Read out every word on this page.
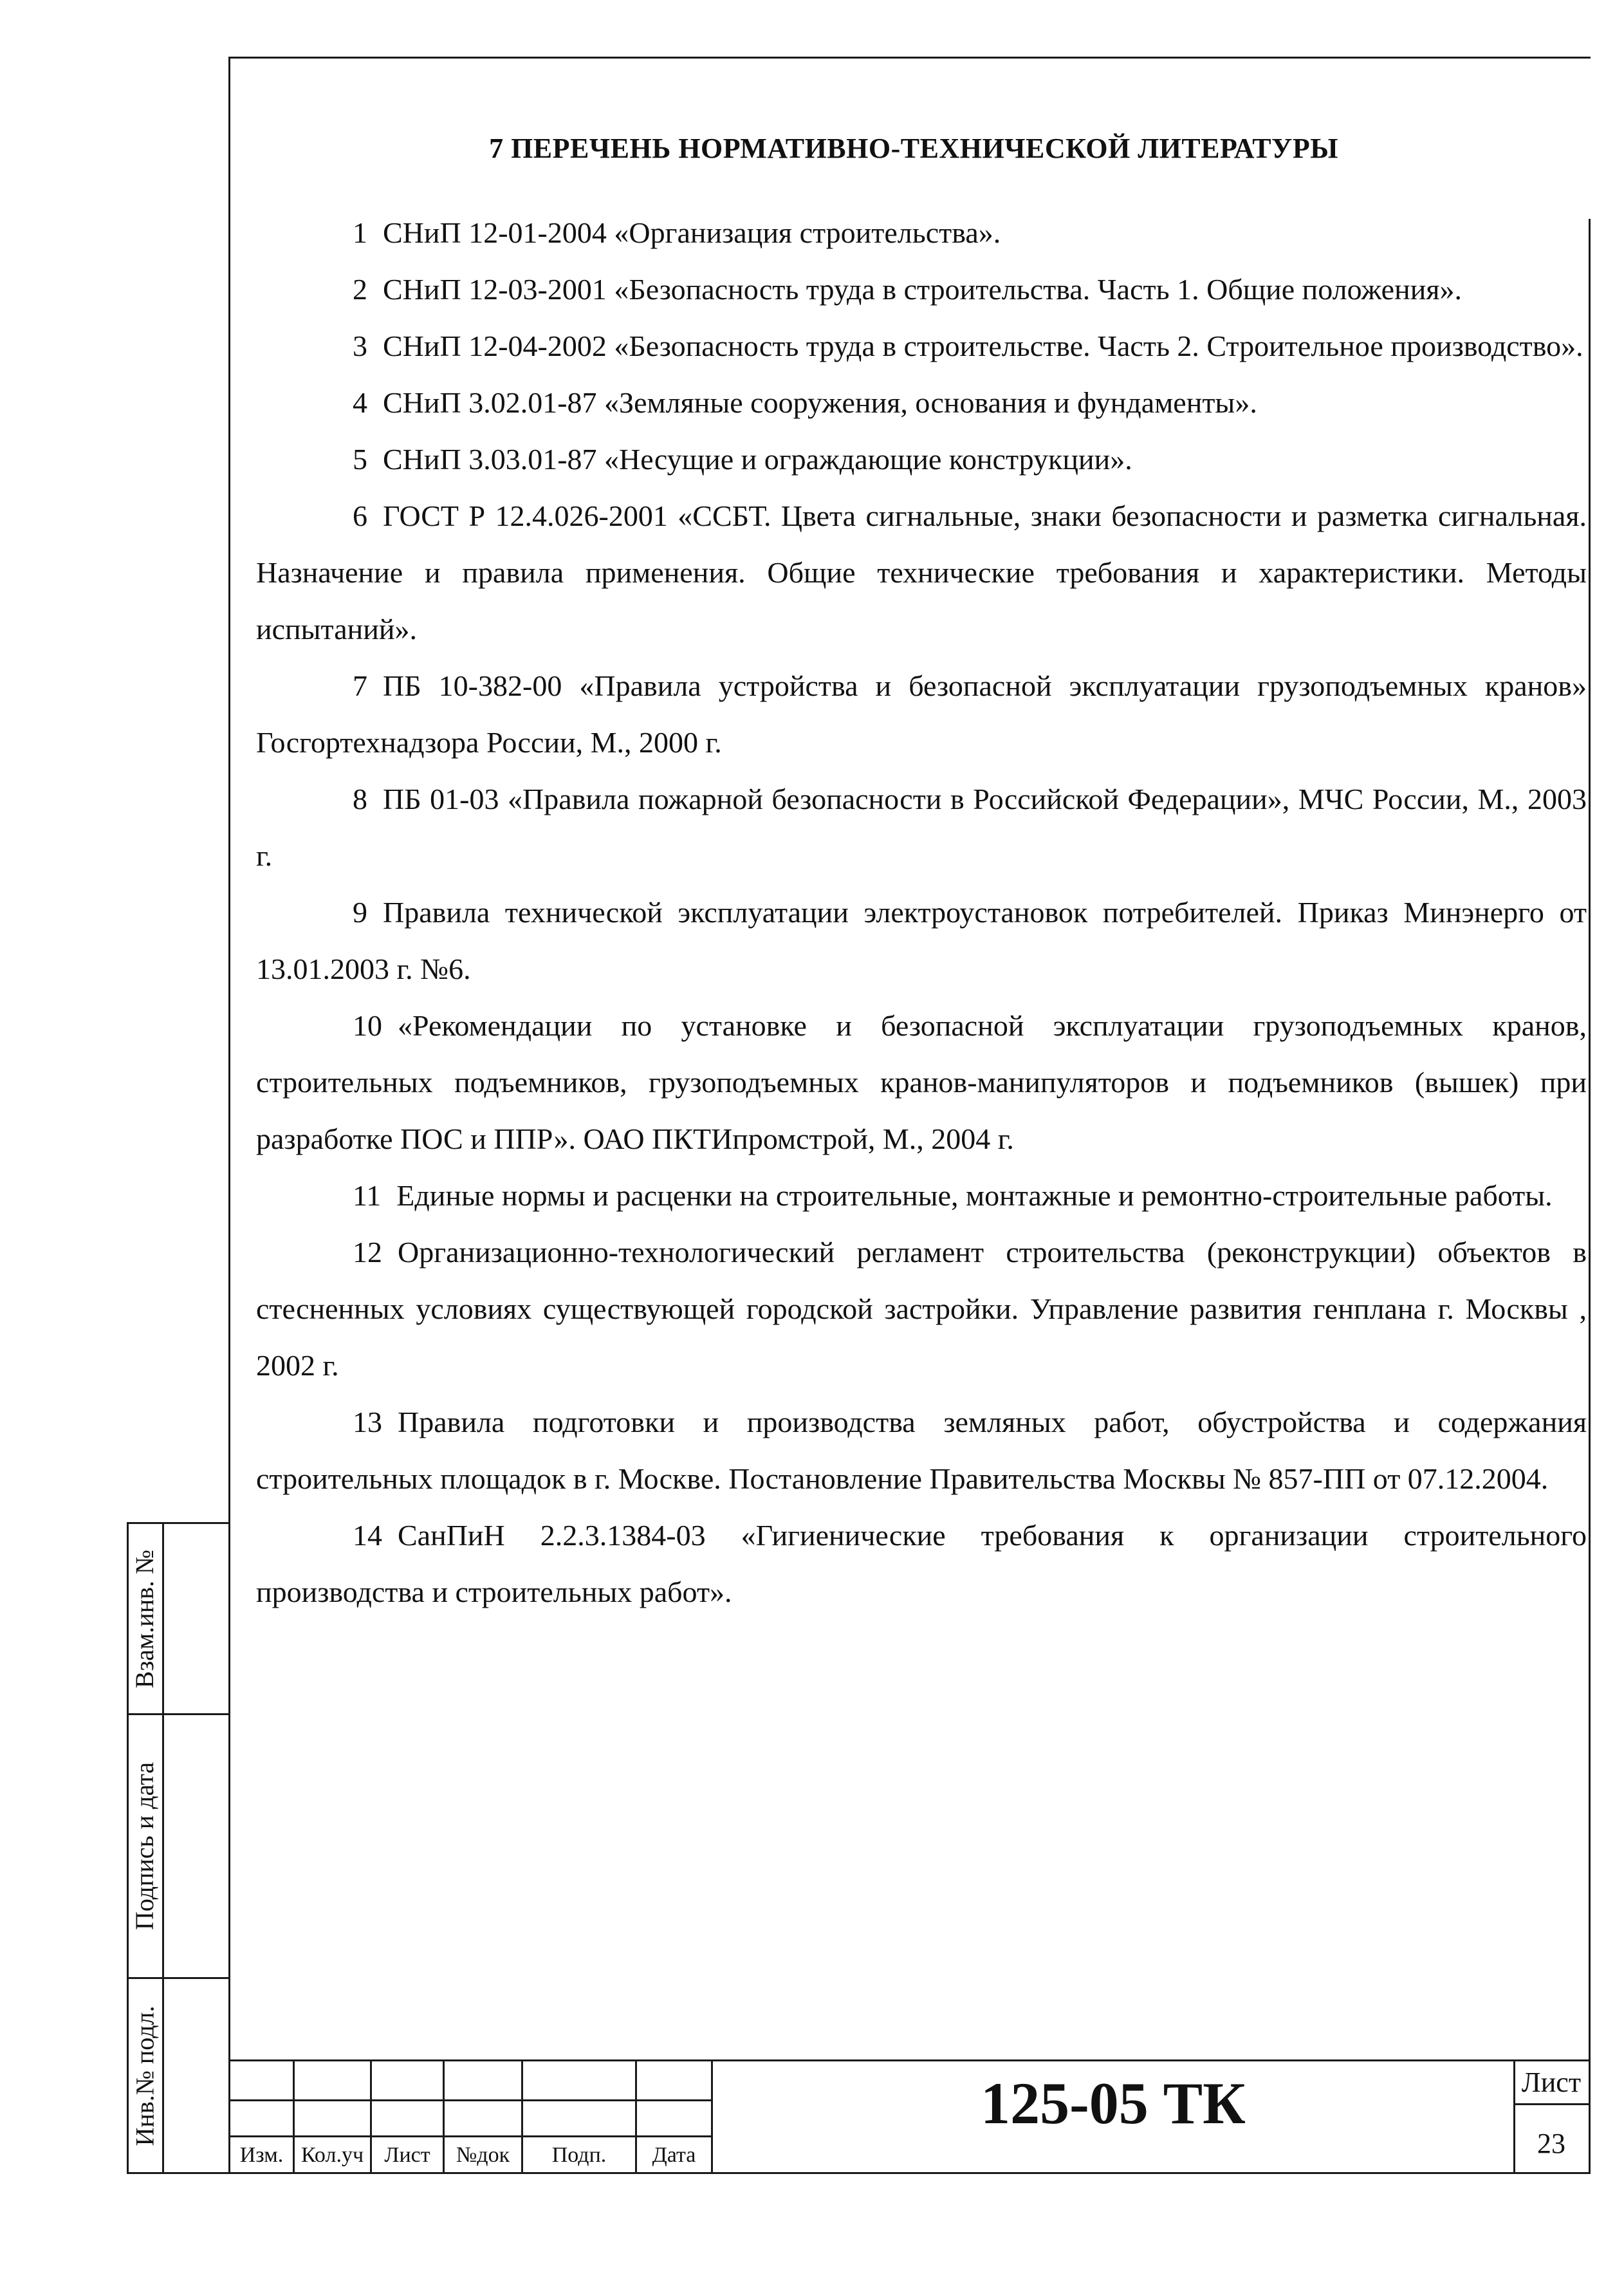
Взам.инв. №
Подпись и дата
Инв.№ подл.
7 ПЕРЕЧЕНЬ НОРМАТИВНО-ТЕХНИЧЕСКОЙ ЛИТЕРАТУРЫ

1 СНиП 12-01-2004 «Организация строительства».

2 СНиП 12-03-2001 «Безопасность труда в строительства. Часть 1. Общие положения».

3 СНиП 12-04-2002 «Безопасность труда в строительстве. Часть 2. Строительное производство».

4 СНиП 3.02.01-87 «Земляные сооружения, основания и фундаменты».

5 СНиП 3.03.01-87 «Несущие и ограждающие конструкции».

6 ГОСТ Р 12.4.026-2001 «ССБТ. Цвета сигнальные, знаки безопасности и разметка сигнальная. Назначение и правила применения. Общие технические требования и характеристики. Методы испытаний».

7 ПБ 10-382-00 «Правила устройства и безопасной эксплуатации грузоподъемных кранов» Госгортехнадзора России, М., 2000 г.

8 ПБ 01-03 «Правила пожарной безопасности в Российской Федерации», МЧС России, М., 2003 г.

9 Правила технической эксплуатации электроустановок потребителей. Приказ Минэнерго от 13.01.2003 г. №6.

10 «Рекомендации по установке и безопасной эксплуатации грузоподъемных кранов, строительных подъемников, грузоподъемных кранов-манипуляторов и подъемников (вышек) при разработке ПОС и ППР». ОАО ПКТИпромстрой, М., 2004 г.

11 Единые нормы и расценки на строительные, монтажные и ремонтно-строительные работы.

12 Организационно-технологический регламент строительства (реконструкции) объектов в стесненных условиях существующей городской застройки. Управление развития генплана г. Москвы , 2002 г.

13 Правила подготовки и производства земляных работ, обустройства и содержания строительных площадок в г. Москве. Постановление Правительства Москвы № 857-ПП от 07.12.2004.

14 СанПиН 2.2.3.1384-03 «Гигиенические требования к организации строительного производства и строительных работ».

Изм. Кол.уч Лист	№док	Подп.	Дата
125-05 ТК	Лист
23
